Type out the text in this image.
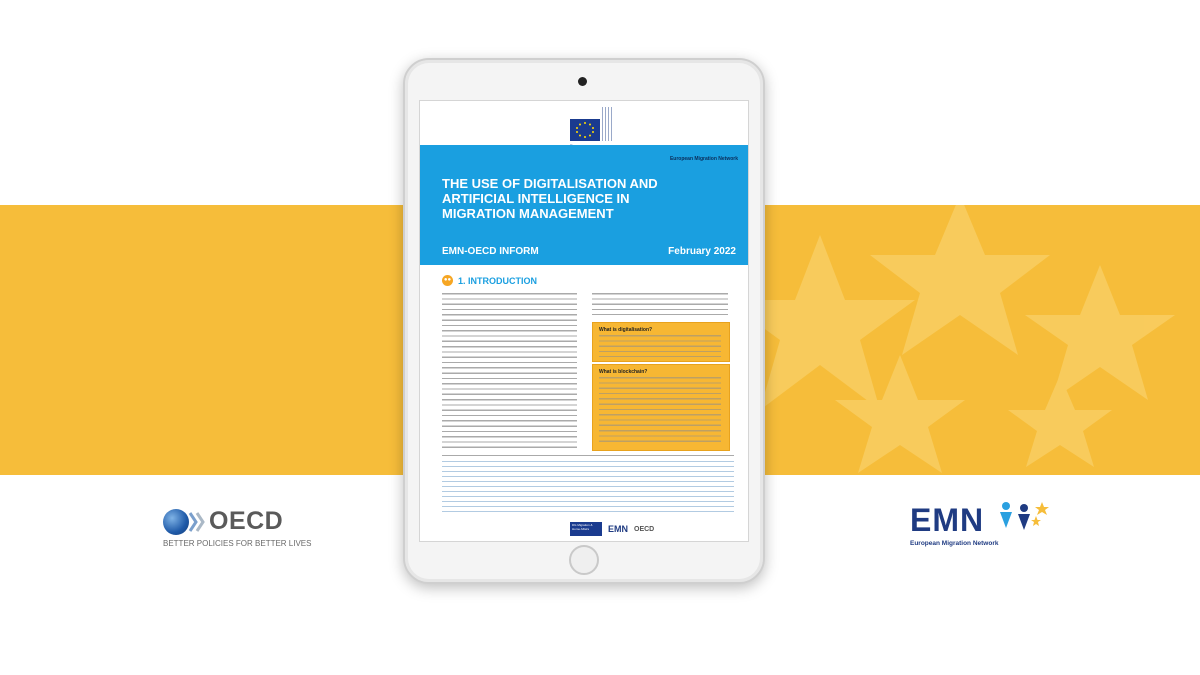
European Migration Network
THE USE OF DIGITALISATION AND ARTIFICIAL INTELLIGENCE IN MIGRATION MANAGEMENT
EMN-OECD INFORM	February 2022
●● 1. INTRODUCTION
What is digitalisation?
What is blockchain?
DG Migration & Home Affairs	EMN OECD
OECD
BETTER POLICIES FOR BETTER LIVES
EMN
European Migration Network
